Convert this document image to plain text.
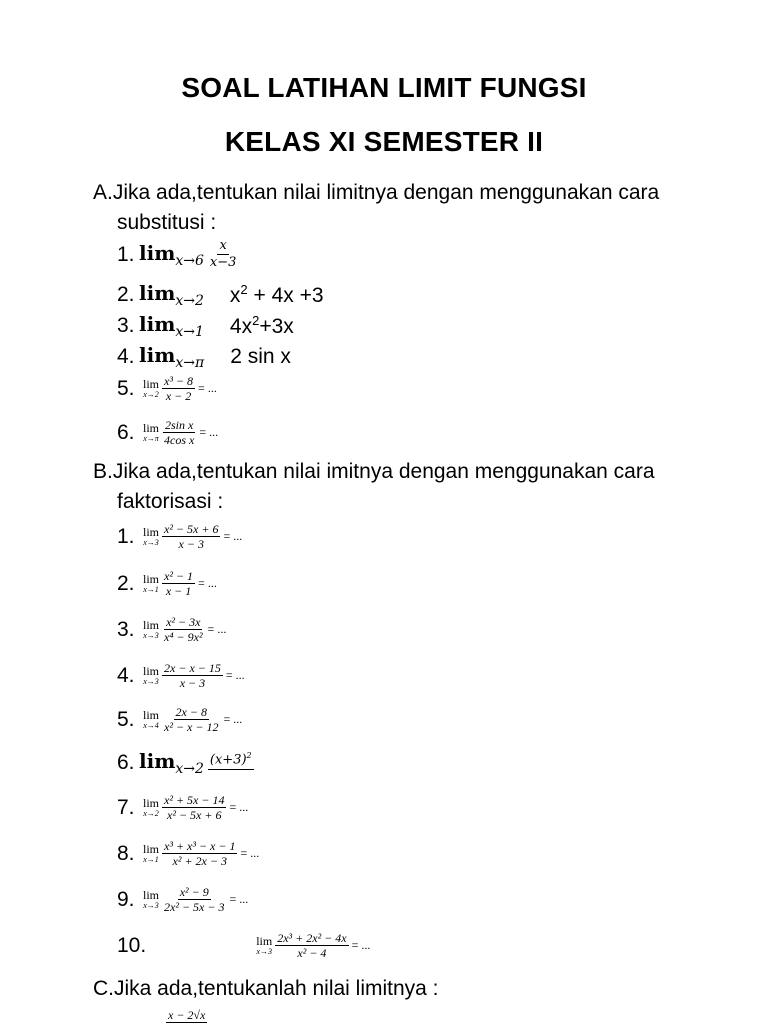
SOAL LATIHAN LIMIT FUNGSI
KELAS XI SEMESTER II
A.Jika ada,tentukan nilai limitnya dengan menggunakan cara
substitusi :
1. $\lim_{x\to 6} \frac{x}{x-3}$
2. $\lim_{x\to 2} x^2 + 4x +3$
3. $\lim_{x\to 1} 4x^2+3x$
4. $\lim_{x\to\pi} 2$ sin x
5. lim
$x\to 2 \frac{\text{x³ − 8}}{x - 2}$ = ...
6. lim
$x\to\pi \frac{\text{2sin x}}{\text{4cos x}}$ = ...
B.Jika ada,tentukan nilai imitnya dengan menggunakan cara
faktorisasi :
1. lim
$x\to 3 \frac{\text{x² − 5x + 6}}{x - 3}$ = ...
2. lim
$x\to 1 \frac{\text{x² − 1}}{x - 1}$ = ...
3. lim
$x\to 3 \frac{\text{x² − 3x}}{\text{x⁴ − 9x²}}$ = ...
4. lim
$x\to 3 \frac{2x - x - 15}{x - 3}$ = ...
5. lim
$x\to 4 \frac{2x - 8}{\text{x² − x − 12}}$ = ...
6. $\lim_{x\to 2}$
$(x+3)^2$
7. lim
$x\to 2 \frac{\text{x² + 5x − 14}}{\text{x² − 5x + 6}}$ = ...
8. lim
$x\to 1 \frac{\text{x³ + x³ − x − 1}}{\text{x² + 2x − 3}}$ = ...
9. lim
$x\to 3 \frac{\text{x² − 9}}{\text{2x² − 5x − 3}}$ = ...
10.	lim
$x\to 3 \frac{\text{2x³ + 2x² − 4x}}{\text{x² − 4}}$ = ...
C.Jika ada,tentukanlah nilai limitnya :
x − 2√x
